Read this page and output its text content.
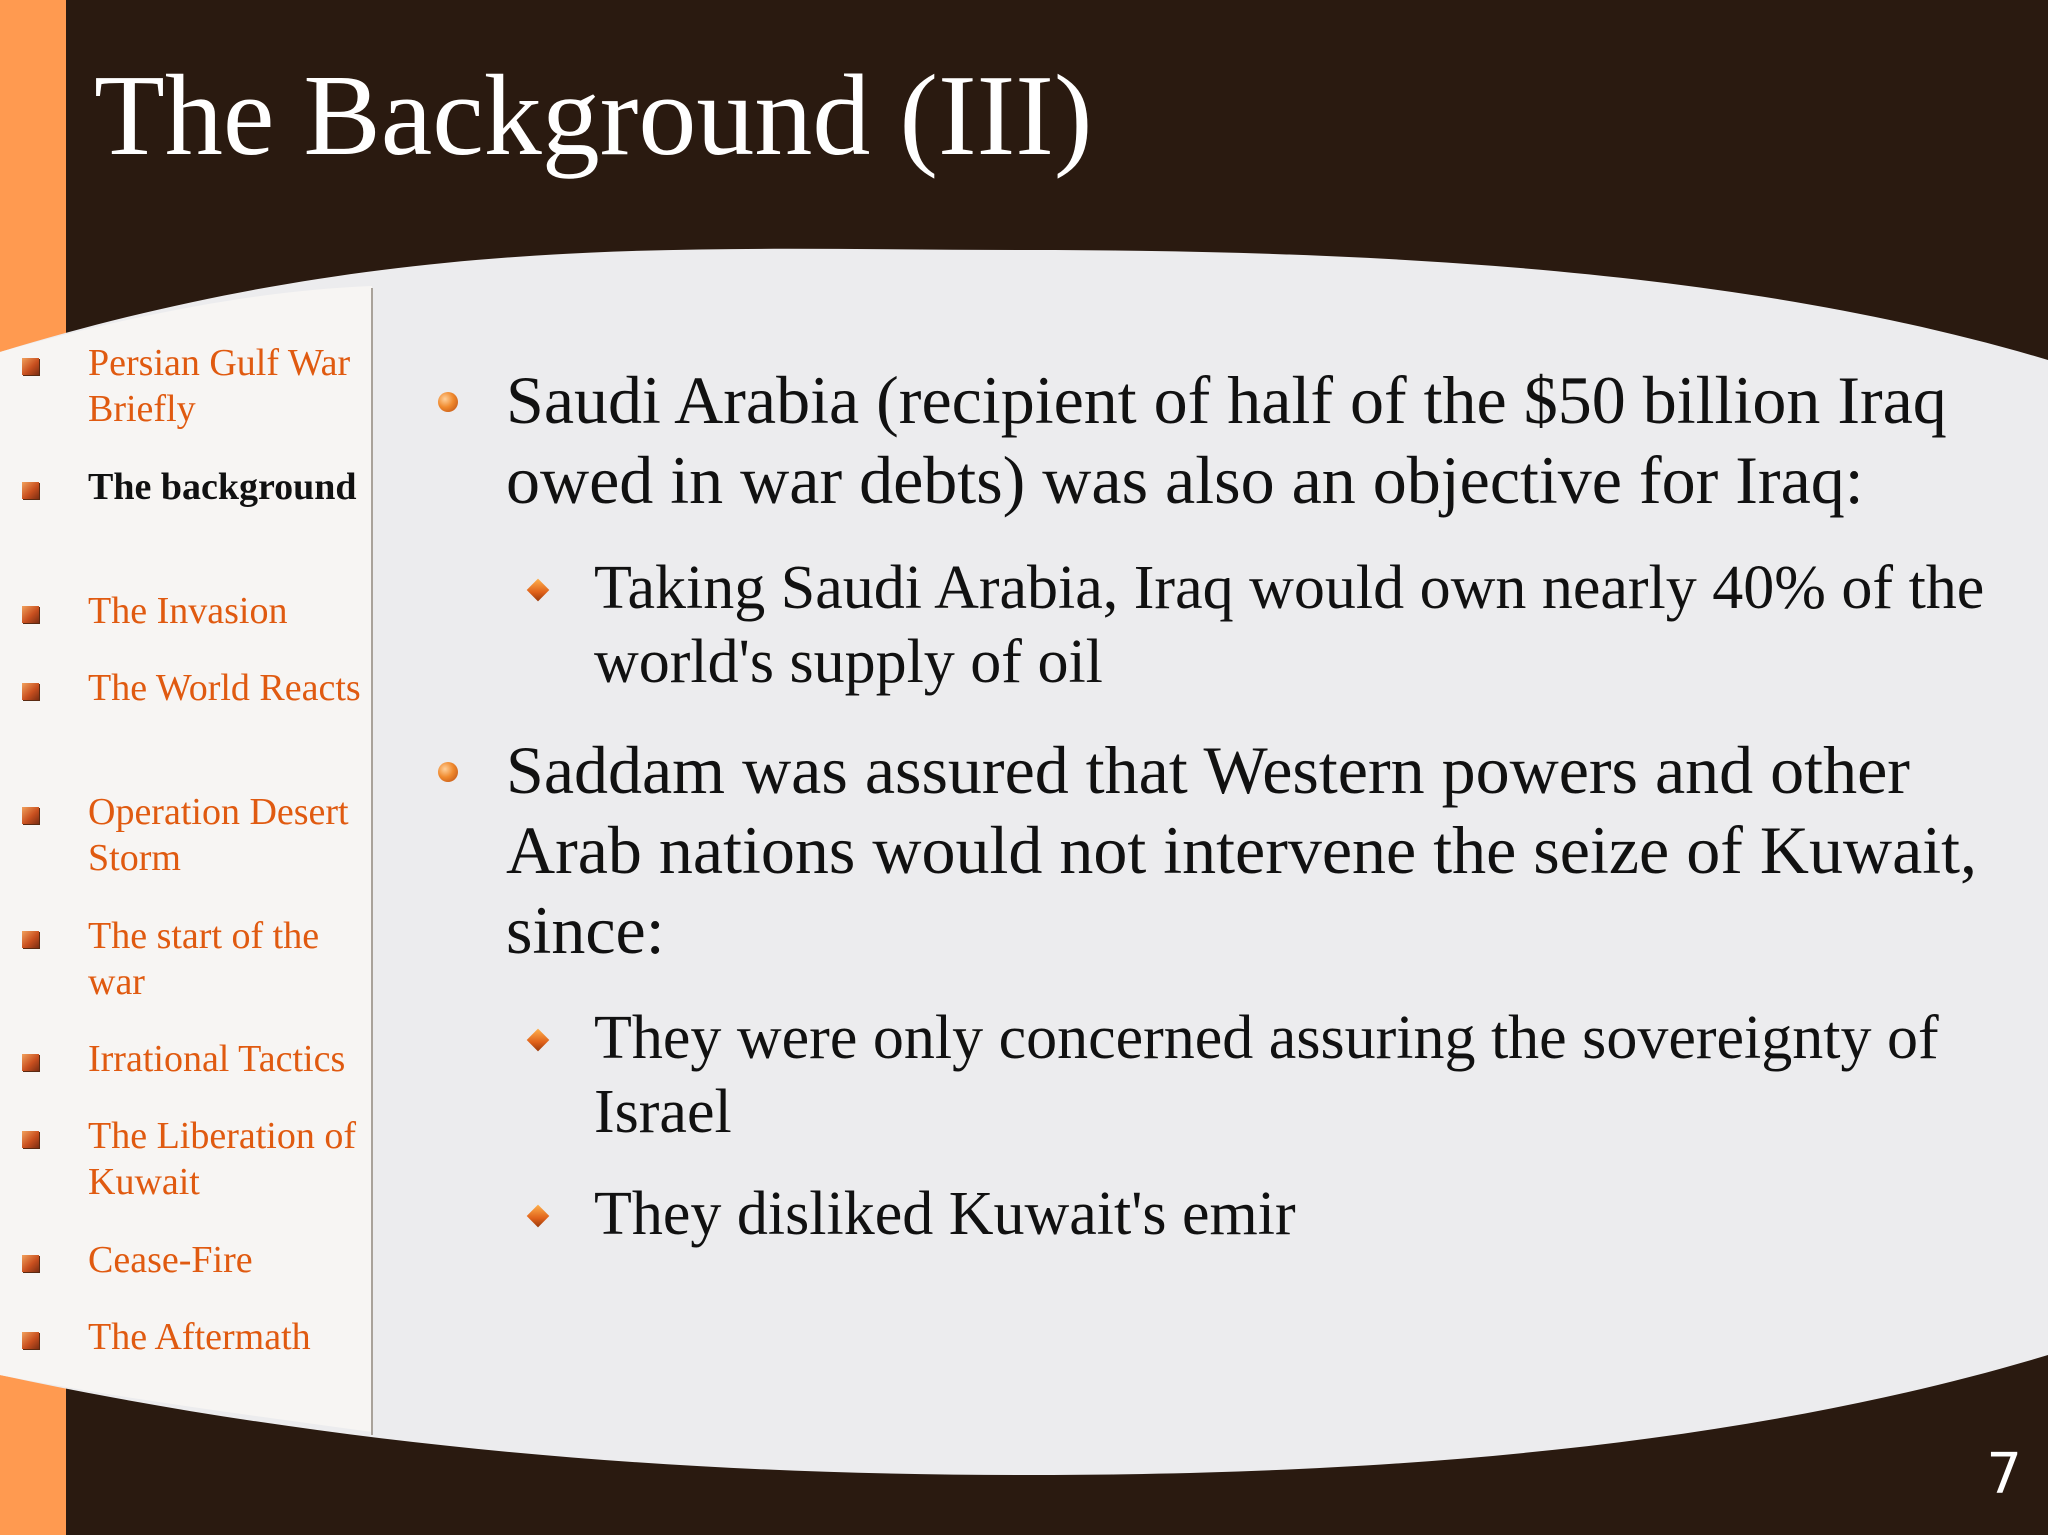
The Background (III)
Persian Gulf War Briefly
The background
The Invasion
The World Reacts
Operation Desert Storm
The start of the war
Irrational Tactics
The Liberation of Kuwait
Cease-Fire
The Aftermath
Saudi Arabia (recipient of half of the $50 billion Iraq owed in war debts) was also an objective for Iraq:
Taking Saudi Arabia, Iraq would own nearly 40% of the world's supply of oil
Saddam was assured that Western powers and other Arab nations would not intervene the seize of Kuwait, since:
They were only concerned assuring the sovereignty of Israel
They disliked Kuwait's emir
7
